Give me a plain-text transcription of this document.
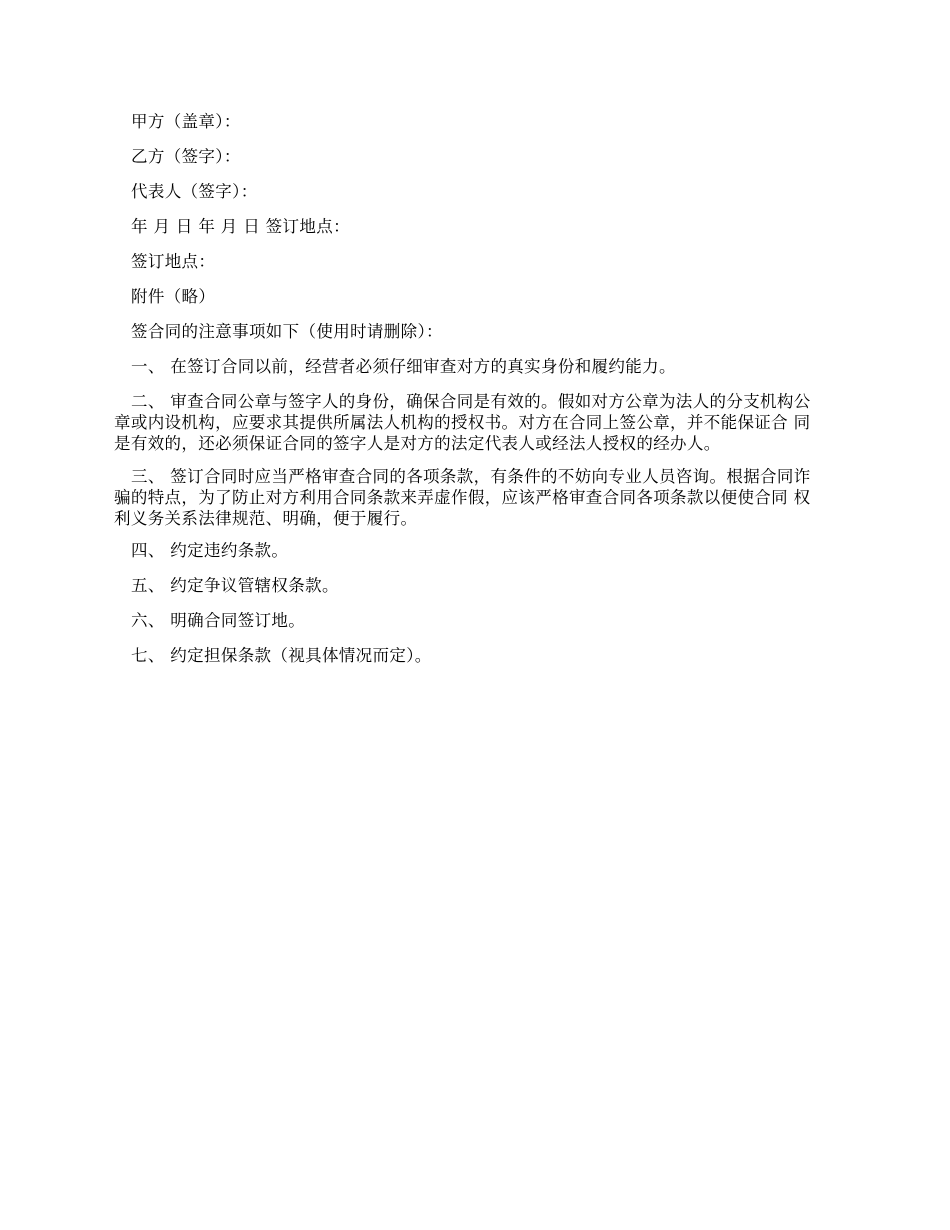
甲方（盖章）：

乙方（签字）：

代表人（签字）：

年 月 日 年 月 日 签订地点：

签订地点：

附件（略）

签合同的注意事项如下（使用时请删除）：

一、 在签订合同以前，经营者必须仔细审查对方的真实身份和履约能力。

二、 审查合同公章与签字人的身份，确保合同是有效的。假如对方公章为法人的分支机构公 章或内设机构，应要求其提供所属法人机构的授权书。对方在合同上签公章，并不能保证合 同是有效的，还必须保证合同的签字人是对方的法定代表人或经法人授权的经办人。

三、 签订合同时应当严格审查合同的各项条款，有条件的不妨向专业人员咨询。根据合同诈 骗的特点，为了防止对方利用合同条款来弄虚作假，应该严格审查合同各项条款以便使合同 权利义务关系法律规范、明确，便于履行。

四、 约定违约条款。

五、 约定争议管辖权条款。

六、 明确合同签订地。

七、 约定担保条款（视具体情况而定）。
